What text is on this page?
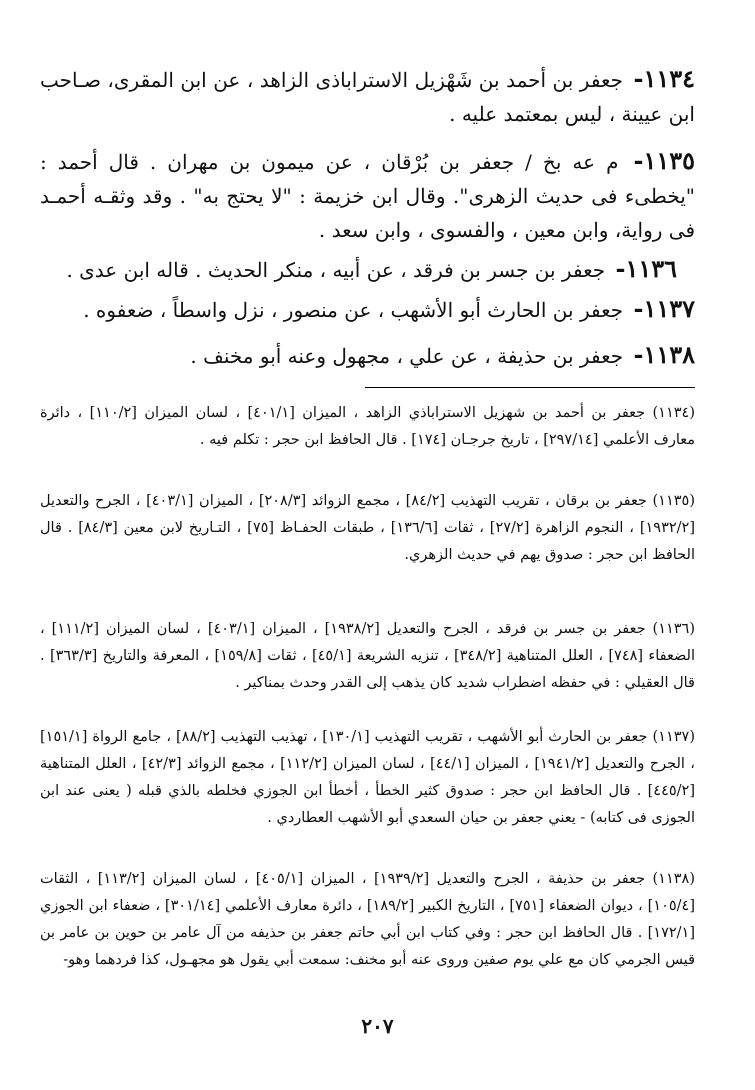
١١٣٤- جعفر بن أحمد بن شَهْزيل الاستراباذى الزاهد ، عن ابن المقرى، صـاحب ابن عيينة ، ليس بمعتمد عليه .
١١٣٥- م عه بخ / جعفر بن بُرْقان ، عن ميمون بن مهران . قال أحمد : "يخطىء فى حديث الزهرى". وقال ابن خزيمة : "لا يحتج به" . وقد وثقـه أحمـد فى رواية، وابن معين ، والفسوى ، وابن سعد .
١١٣٦- جعفر بن جسر بن فرقد ، عن أبيه ، منكر الحديث . قاله ابن عدى .
١١٣٧- جعفر بن الحارث أبو الأشهب ، عن منصور ، نزل واسطاً ، ضعفوه .
١١٣٨- جعفر بن حذيفة ، عن علي ، مجهول وعنه أبو مخنف .
(١١٣٤) جعفر بن أحمد بن شهزيل الاستراباذي الزاهد ، الميزان [٤٠١/١] ، لسان الميزان [١١٠/٢] ، دائرة معارف الأعلمي [٢٩٧/١٤] ، تاريخ جرجـان [١٧٤] . قال الحافظ ابن حجر : تكلم فيه .
(١١٣٥) جعفر بن برقان ، تقريب التهذيب [٨٤/٢] ، مجمع الزوائد [٢٠٨/٣] ، الميزان [٤٠٣/١] ، الجرح والتعديل [١٩٣٢/٢] ، النجوم الزاهرة [٢٧/٢] ، ثقات [١٣٦/٦] ، طبقات الحفـاظ [٧٥] ، التـاريخ لابن معين [٨٤/٣] . قال الحافظ ابن حجر : صدوق يهم في حديث الزهري.
(١١٣٦) جعفر بن جسر بن فرقد ، الجرح والتعديل [١٩٣٨/٢] ، الميزان [٤٠٣/١] ، لسان الميزان [١١١/٢] ، الضعفاء [٧٤٨] ، العلل المتناهية [٣٤٨/٢] ، تنزيه الشريعة [٤٥/١] ، ثقات [١٥٩/٨] ، المعرفة والتاريخ [٣٦٣/٣] . قال العقيلي : في حفظه اضطراب شديد كان يذهب إلى القدر وحدث بمناكير .
(١١٣٧) جعفر بن الحارث أبو الأشهب ، تقريب التهذيب [١٣٠/١] ، تهذيب التهذيب [٨٨/٢] ، جامع الرواة [١٥١/١] ، الجرح والتعديل [١٩٤١/٢] ، الميزان [٤٤/١] ، لسان الميزان [١١٢/٢] ، مجمع الزوائد [٤٢/٣] ، العلل المتناهية [٤٤٥/٢] . قال الحافظ ابن حجر : صدوق كثير الخطأ ، أخطأ ابن الجوزي فخلطه بالذي قبله ( يعنى عند ابن الجوزى فى كتابه) - يعني جعفر بن حيان السعدي أبو الأشهب العطاردي .
(١١٣٨) جعفر بن حذيفة ، الجرح والتعديل [١٩٣٩/٢] ، الميزان [٤٠٥/١] ، لسان الميزان [١١٣/٢] ، الثقات [١٠٥/٤] ، ديوان الضعفاء [٧٥١] ، التاريخ الكبير [١٨٩/٢] ، دائرة معارف الأعلمي [٣٠١/١٤] ، ضعفاء ابن الجوزي [١٧٢/١] . قال الحافظ ابن حجر : وفي كتاب ابن أبي حاتم جعفر بن حذيفه من آل عامر بن حوين بن عامر بن قيس الجرمي كان مع علي يوم صفين وروى عنه أبو مخنف: سمعت أبي يقول هو مجهـول، كذا فردهما وهو-
٢٠٧
